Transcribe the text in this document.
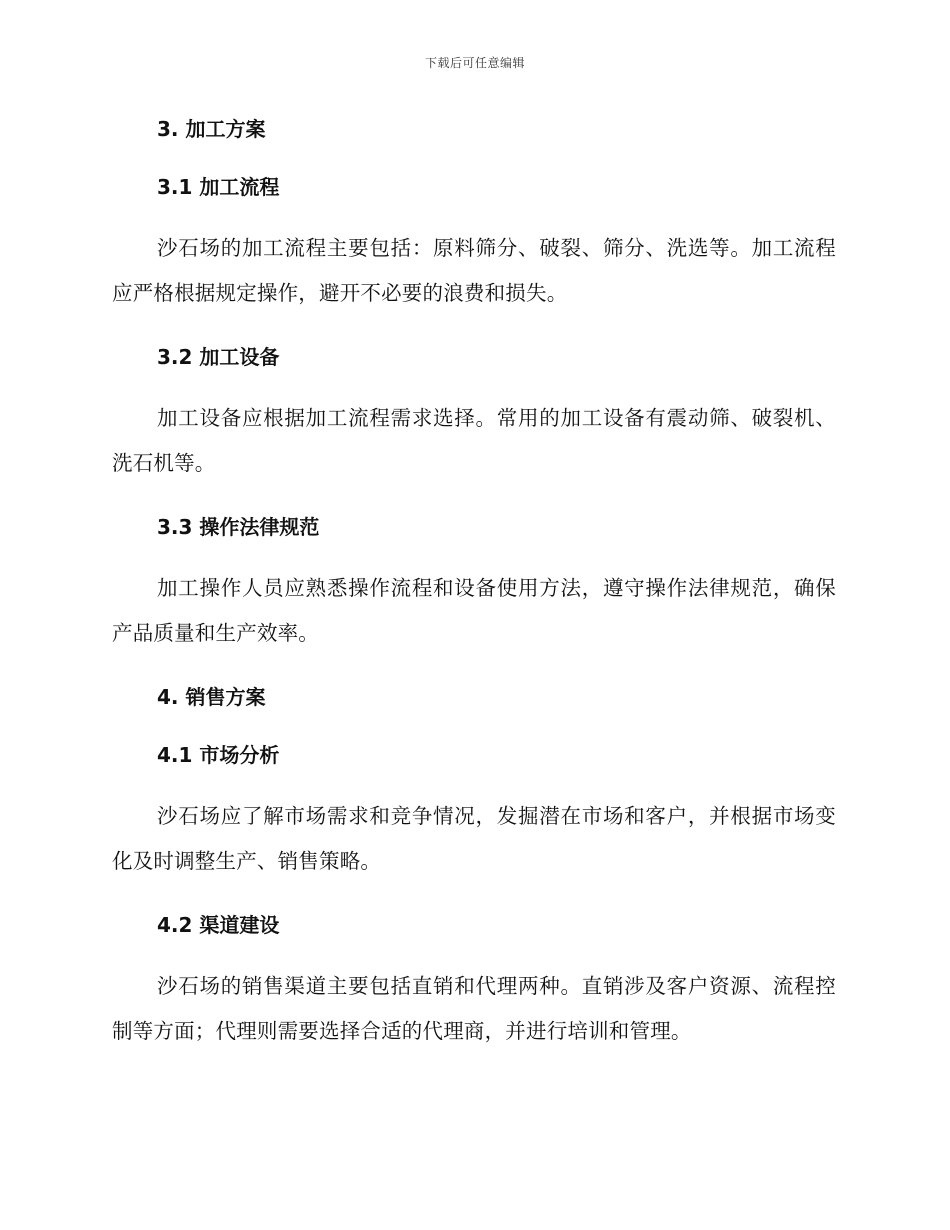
下载后可任意编辑
3. 加工方案
3.1 加工流程

沙石场的加工流程主要包括：原料筛分、破裂、筛分、洗选等。加工流程应严格根据规定操作，避开不必要的浪费和损失。

3.2 加工设备

加工设备应根据加工流程需求选择。常用的加工设备有震动筛、破裂机、洗石机等。

3.3 操作法律规范

加工操作人员应熟悉操作流程和设备使用方法，遵守操作法律规范，确保产品质量和生产效率。

4. 销售方案
4.1 市场分析

沙石场应了解市场需求和竞争情况，发掘潜在市场和客户，并根据市场变化及时调整生产、销售策略。

4.2 渠道建设

沙石场的销售渠道主要包括直销和代理两种。直销涉及客户资源、流程控制等方面；代理则需要选择合适的代理商，并进行培训和管理。
